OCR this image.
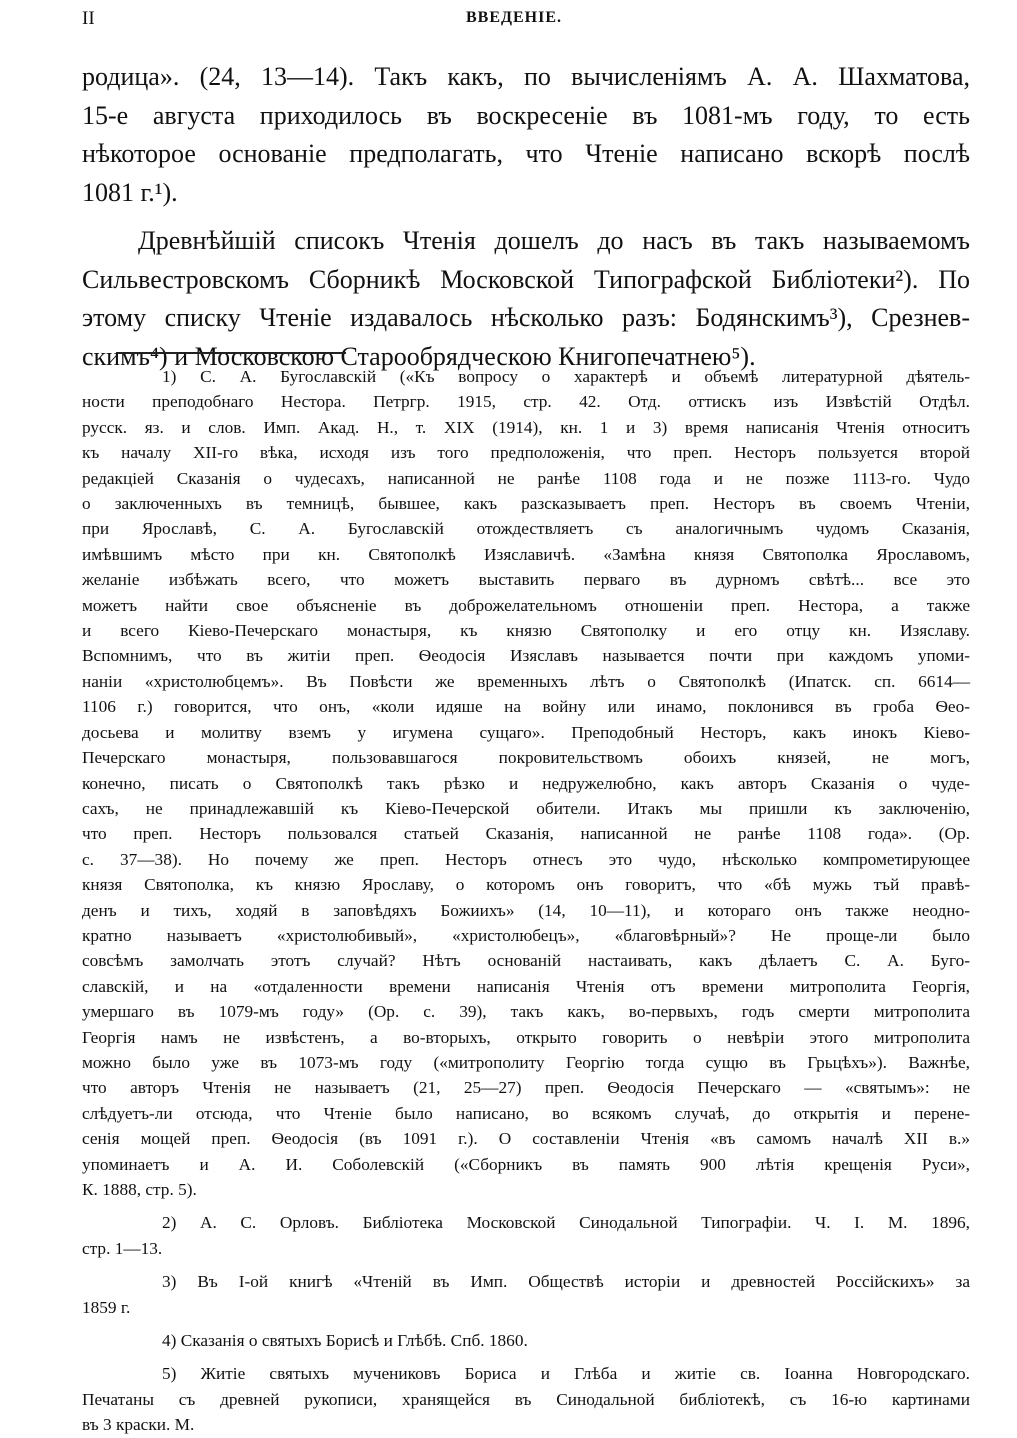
II	ВВЕДЕНІЕ.

родица». (24, 13—14). Такъ какъ, по вычисленіямъ А. А. Шахматова,
15-е августа приходилось въ воскресеніе въ 1081-мъ году, то есть
нѣкоторое основаніе предполагать, что Чтеніе написано вскорѣ послѣ
1081 г.¹).

Древнѣйшій списокъ Чтенія дошелъ до насъ въ такъ называемомъ
Сильвестровскомъ Сборникѣ Московской Типографской Библіотеки²). По
этому списку Чтеніе издавалось нѣсколько разъ: Бодянскимъ³), Срезнев-
скимъ⁴) и Московскою Старообрядческою Книгопечатнею⁵).

1) С. А. Бугославскій («Къ вопросу о характерѣ и объемѣ литературной дѣятель-
ности преподобнаго Нестора. Петргр. 1915, стр. 42. Отд. оттискъ изъ Извѣстій Отдѣл.
русск. яз. и слов. Имп. Акад. Н., т. XIX (1914), кн. 1 и 3) время написанія Чтенія относитъ
къ началу XII-го вѣка, исходя изъ того предположенія, что преп. Несторъ пользуется второй
редакціей Сказанія о чудесахъ, написанной не ранѣе 1108 года и не позже 1113-го. Чудо
о заключенныхъ въ темницѣ, бывшее, какъ разсказываетъ преп. Несторъ въ своемъ Чтеніи,
при Ярославѣ, С. А. Бугославскій отождествляетъ съ аналогичнымъ чудомъ Сказанія,
имѣвшимъ мѣсто при кн. Святополкѣ Изяславичѣ. «Замѣна князя Святополка Ярославомъ,
желаніе избѣжать всего, что можетъ выставить перваго въ дурномъ свѣтѣ... все это
можетъ найти свое объясненіе въ доброжелательномъ отношеніи преп. Нестора, а также
и всего Кіево-Печерскаго монастыря, къ князю Святополку и его отцу кн. Изяславу.
Вспомнимъ, что въ житіи преп. Ѳеодосія Изяславъ называется почти при каждомъ упоми-
наніи «христолюбцемъ». Въ Повѣсти же временныхъ лѣтъ о Святополкѣ (Ипатск. сп. 6614—
1106 г.) говорится, что онъ, «коли идяше на войну или инамо, поклонився въ гроба Ѳео-
досьева и молитву вземъ у игумена сущаго». Преподобный Несторъ, какъ инокъ Кіево-
Печерскаго монастыря, пользовавшагося покровительствомъ обоихъ князей, не могъ,
конечно, писать о Святополкѣ такъ рѣзко и недружелюбно, какъ авторъ Сказанія о чуде-
сахъ, не принадлежавшій къ Кіево-Печерской обители. Итакъ мы пришли къ заключенію,
что преп. Несторъ пользовался статьей Сказанія, написанной не ранѣе 1108 года». (Ор.
с. 37—38). Но почему же преп. Несторъ отнесъ это чудо, нѣсколько компрометирующее
князя Святополка, къ князю Ярославу, о которомъ онъ говоритъ, что «бѣ мужь тъй правѣ-
денъ и тихъ, ходяй в заповѣдяхъ Божиихъ» (14, 10—11), и котораго онъ также неодно-
кратно называетъ «христолюбивый», «христолюбецъ», «благовѣрный»? Не проще-ли было
совсѣмъ замолчать этотъ случай? Нѣтъ основаній настаивать, какъ дѣлаетъ С. А. Буго-
славскій, и на «отдаленности времени написанія Чтенія отъ времени митрополита Георгія,
умершаго въ 1079-мъ году» (Ор. с. 39), такъ какъ, во-первыхъ, годъ смерти митрополита
Георгія намъ не извѣстенъ, а во-вторыхъ, открыто говорить о невѣріи этого митрополита
можно было уже въ 1073-мъ году («митрополиту Георгію тогда сущю въ Грьцѣхъ»). Важнѣе,
что авторъ Чтенія не называетъ (21, 25—27) преп. Ѳеодосія Печерскаго — «святымъ»: не
слѣдуетъ-ли отсюда, что Чтеніе было написано, во всякомъ случаѣ, до открытія и перене-
сенія мощей преп. Ѳеодосія (въ 1091 г.). О составленіи Чтенія «въ самомъ началѣ XII в.»
упоминаетъ и А. И. Соболевскій («Сборникъ въ память 900 лѣтія крещенія Руси»,
К. 1888, стр. 5).
2) А. С. Орловъ. Библіотека Московской Синодальной Типографіи. Ч. I. М. 1896,
стр. 1—13.
3) Въ I-ой книгѣ «Чтеній въ Имп. Обществѣ исторіи и древностей Россійскихъ» за
1859 г.
4) Сказанія о святыхъ Борисѣ и Глѣбѣ. Спб. 1860.
5) Житіе святыхъ мучениковъ Бориса и Глѣба и житіе св. Іоанна Новгородскаго.
Печатаны съ древней рукописи, хранящейся въ Синодальной библіотекѣ, съ 16-ю картинами
въ 3 краски. М.
